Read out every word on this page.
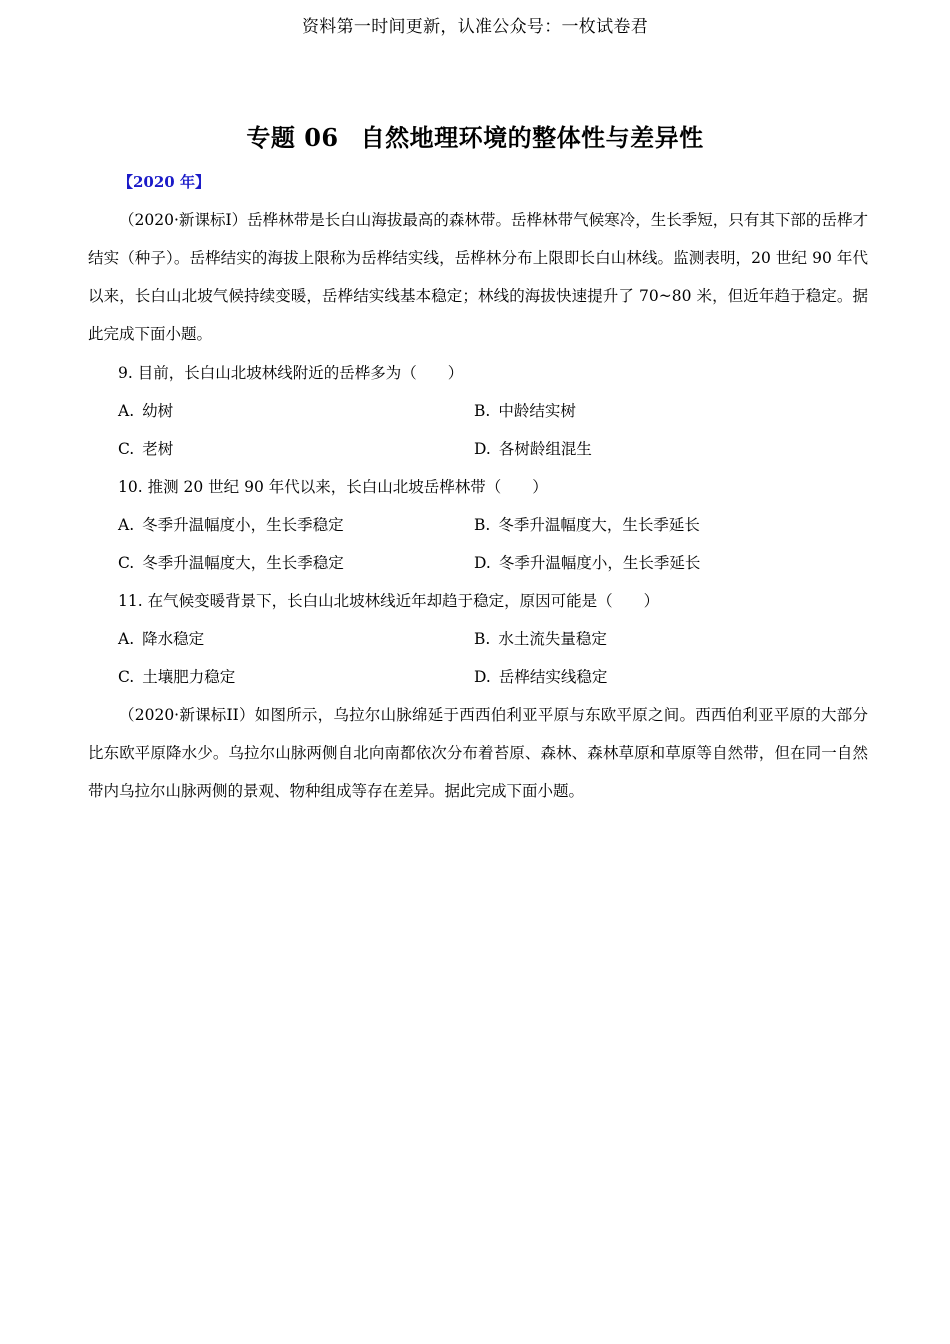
资料第一时间更新，认准公众号：一枚试卷君
专题 06 自然地理环境的整体性与差异性
【2020 年】
（2020·新课标I）岳桦林带是长白山海拔最高的森林带。岳桦林带气候寒冷，生长季短，只有其下部的岳桦才结实（种子）。岳桦结实的海拔上限称为岳桦结实线，岳桦林分布上限即长白山林线。监测表明，20 世纪 90 年代以来，长白山北坡气候持续变暖，岳桦结实线基本稳定；林线的海拔快速提升了 70~80 米，但近年趋于稳定。据此完成下面小题。
9. 目前，长白山北坡林线附近的岳桦多为（　　）
A. 幼树	B. 中龄结实树
C. 老树	D. 各树龄组混生
10. 推测 20 世纪 90 年代以来，长白山北坡岳桦林带（　　）
A. 冬季升温幅度小，生长季稳定	B. 冬季升温幅度大，生长季延长
C. 冬季升温幅度大，生长季稳定	D. 冬季升温幅度小，生长季延长
11. 在气候变暖背景下，长白山北坡林线近年却趋于稳定，原因可能是（　　）
A. 降水稳定	B. 水土流失量稳定
C. 土壤肥力稳定	D. 岳桦结实线稳定
（2020·新课标II）如图所示，乌拉尔山脉绵延于西西伯利亚平原与东欧平原之间。西西伯利亚平原的大部分比东欧平原降水少。乌拉尔山脉两侧自北向南都依次分布着苔原、森林、森林草原和草原等自然带，但在同一自然带内乌拉尔山脉两侧的景观、物种组成等存在差异。据此完成下面小题。
